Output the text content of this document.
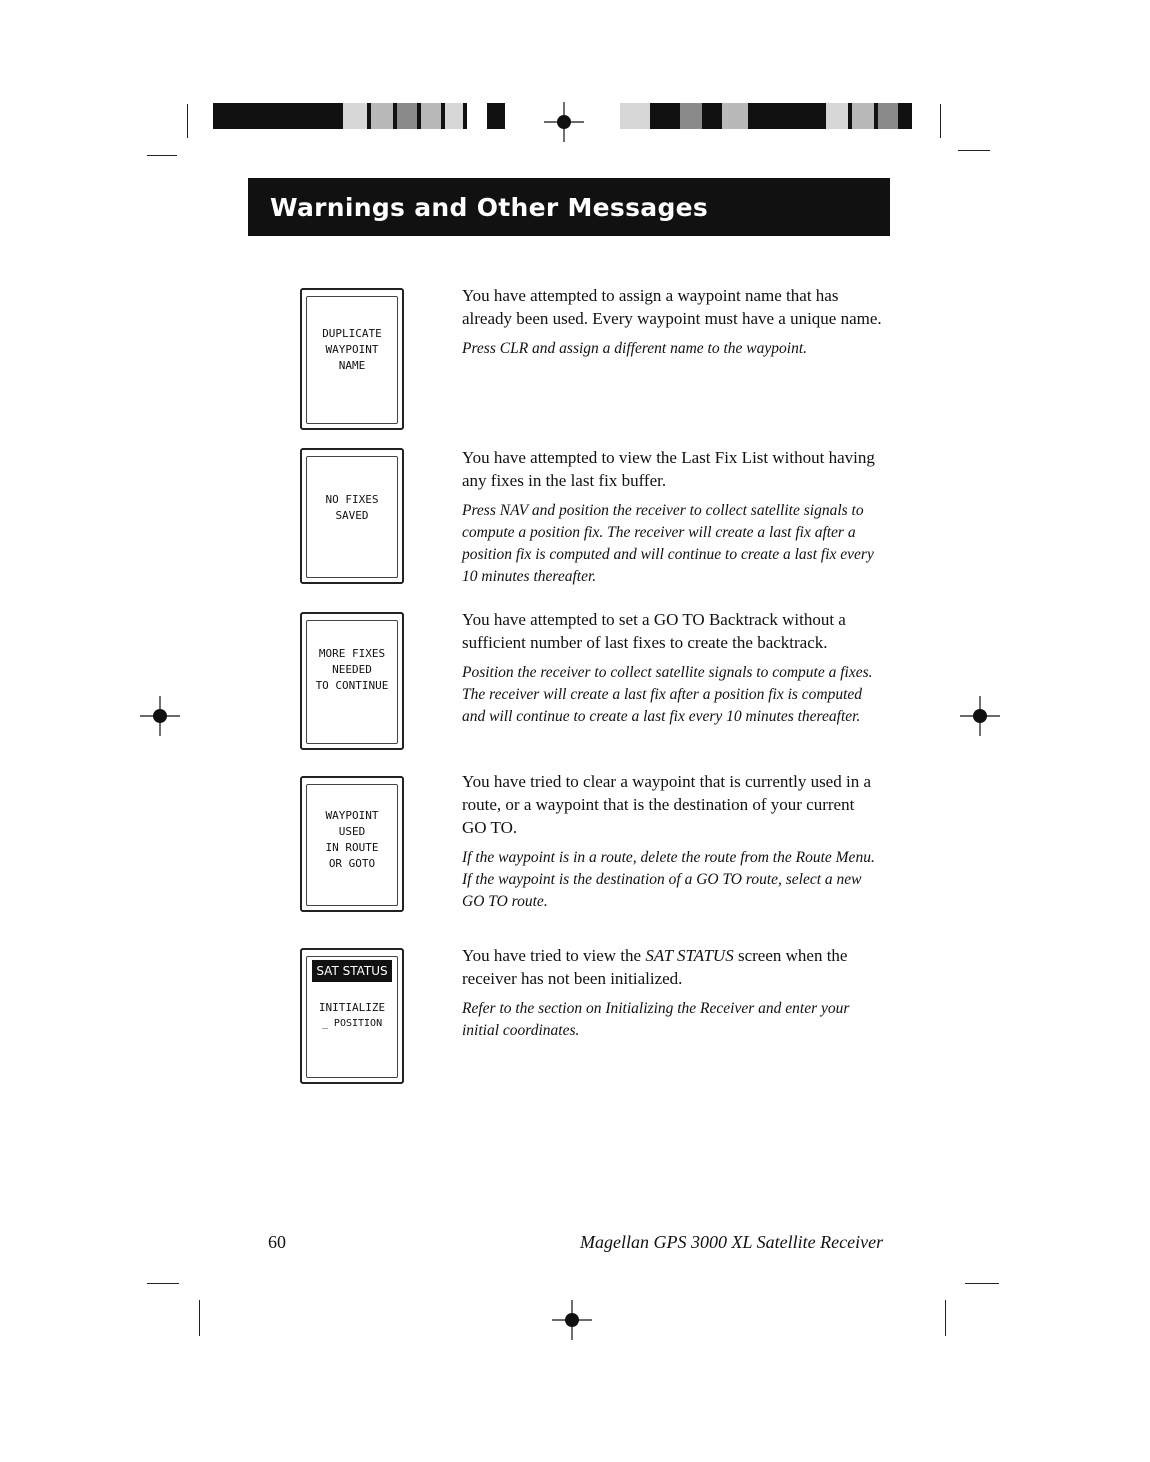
Warnings and Other Messages
DUPLICATE
WAYPOINT
NAME

You have attempted to assign a waypoint name that has already been used. Every waypoint must have a unique name.

Press CLR and assign a different name to the waypoint.

NO FIXES
SAVED

You have attempted to view the Last Fix List without having any fixes in the last fix buffer.

Press NAV and position the receiver to collect satellite signals to compute a position fix. The receiver will create a last fix after a position fix is computed and will continue to create a last fix every 10 minutes thereafter.

MORE FIXES
NEEDED
TO CONTINUE

You have attempted to set a GO TO Backtrack without a sufficient number of last fixes to create the backtrack.

Position the receiver to collect satellite signals to compute a fixes. The receiver will create a last fix after a position fix is computed and will continue to create a last fix every 10 minutes thereafter.

WAYPOINT
USED
IN ROUTE
OR GOTO

You have tried to clear a waypoint that is currently used in a route, or a waypoint that is the destination of your current GO TO.

If the waypoint is in a route, delete the route from the Route Menu. If the waypoint is the destination of a GO TO route, select a new GO TO route.

SAT STATUS
INITIALIZE
_ POSITION

You have tried to view the SAT STATUS screen when the receiver has not been initialized.

Refer to the section on Initializing the Receiver and enter your initial coordinates.

60	Magellan GPS 3000 XL Satellite Receiver
